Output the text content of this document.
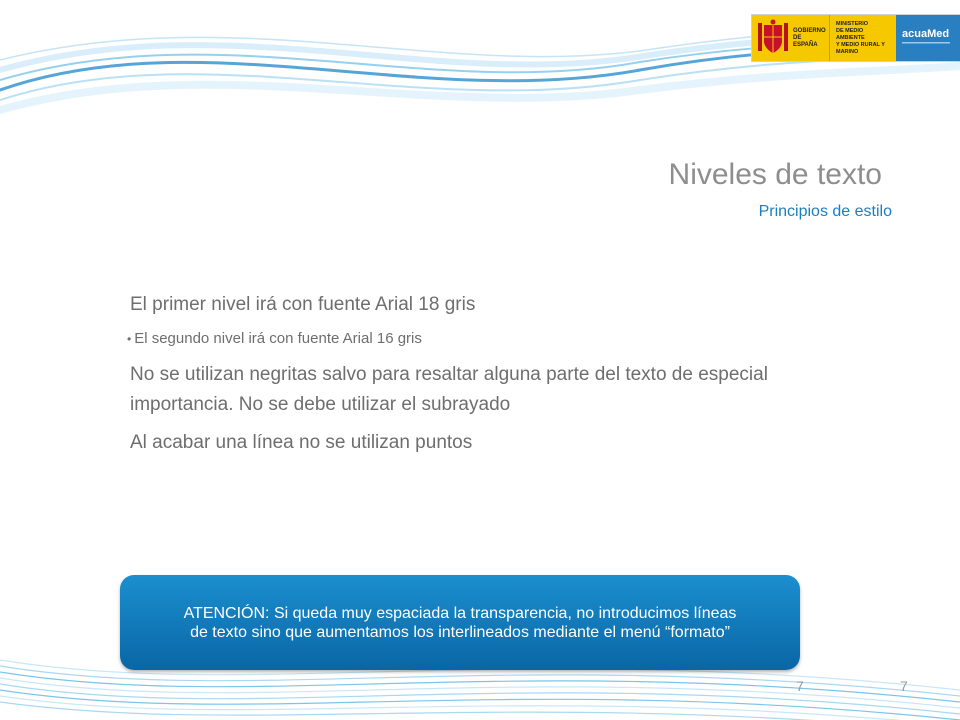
GOBIERNO
DE ESPAÑA
MINISTERIO
DE MEDIO AMBIENTE
Y MEDIO RURAL Y MARINO
acuaMed
Niveles de texto
Principios de estilo

El primer nivel irá con fuente Arial 18 gris

• El segundo nivel irá con fuente Arial 16 gris

No se utilizan negritas salvo para resaltar alguna parte del texto de especial importancia. No se debe utilizar el subrayado

Al acabar una línea no se utilizan puntos

ATENCIÓN: Si queda muy espaciada la transparencia, no introducimos líneas de texto sino que aumentamos los interlineados mediante el menú “formato”
7	7
